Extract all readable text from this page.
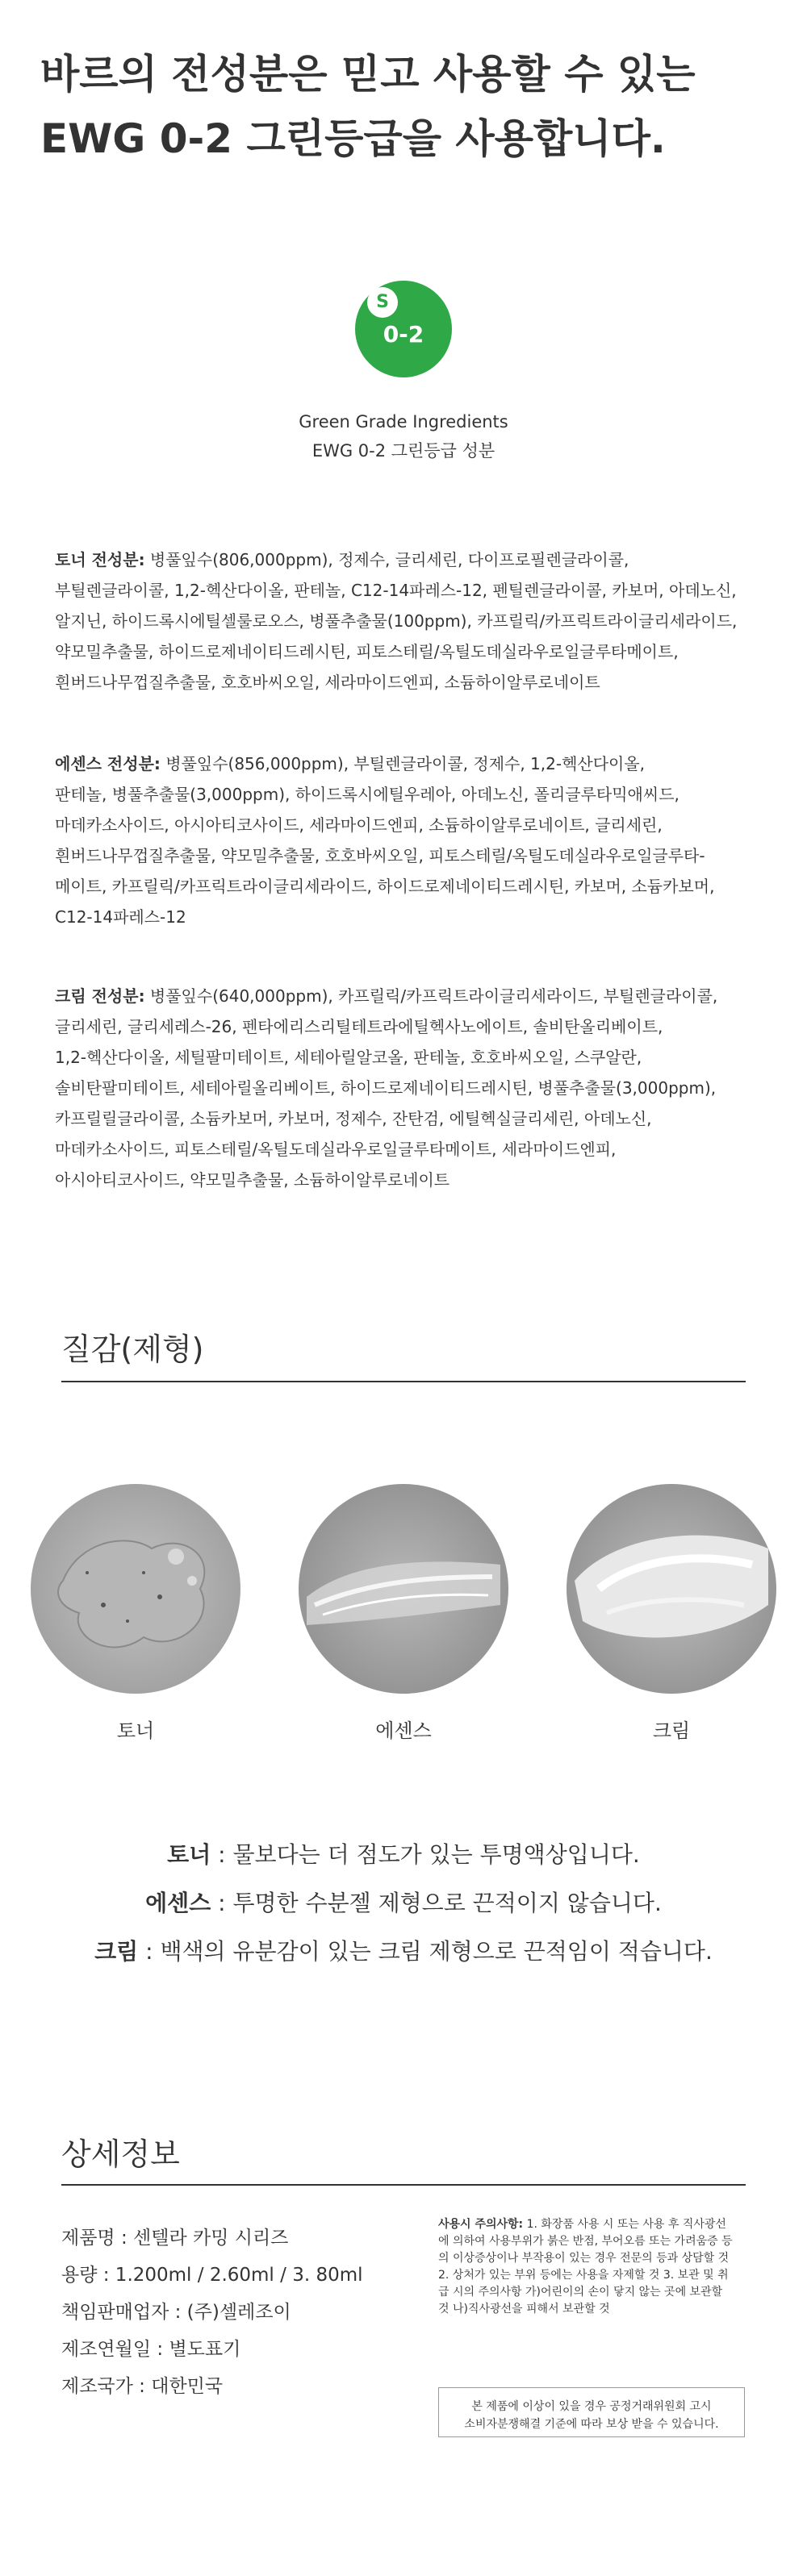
바르의 전성분은 믿고 사용할 수 있는
EWG 0-2 그린등급을 사용합니다.
S
0-2
Green Grade Ingredients
EWG 0-2 그린등급 성분
토너 전성분: 병풀잎수(806,000ppm), 정제수, 글리세린, 다이프로필렌글라이콜,
부틸렌글라이콜, 1,2-헥산다이올, 판테놀, C12-14파레스-12, 펜틸렌글라이콜, 카보머, 아데노신,
알지닌, 하이드록시에틸셀룰로오스, 병풀추출물(100ppm), 카프릴릭/카프릭트라이글리세라이드,
약모밀추출물, 하이드로제네이티드레시틴, 피토스테릴/옥틸도데실라우로일글루타메이트,
흰버드나무껍질추출물, 호호바씨오일, 세라마이드엔피, 소듐하이알루로네이트
에센스 전성분: 병풀잎수(856,000ppm), 부틸렌글라이콜, 정제수, 1,2-헥산다이올,
판테놀, 병풀추출물(3,000ppm), 하이드록시에틸우레아, 아데노신, 폴리글루타믹애씨드,
마데카소사이드, 아시아티코사이드, 세라마이드엔피, 소듐하이알루로네이트, 글리세린,
흰버드나무껍질추출물, 약모밀추출물, 호호바씨오일, 피토스테릴/옥틸도데실라우로일글루타-
메이트, 카프릴릭/카프릭트라이글리세라이드, 하이드로제네이티드레시틴, 카보머, 소듐카보머,
C12-14파레스-12
크림 전성분: 병풀잎수(640,000ppm), 카프릴릭/카프릭트라이글리세라이드, 부틸렌글라이콜,
글리세린, 글리세레스-26, 펜타에리스리틸테트라에틸헥사노에이트, 솔비탄올리베이트,
1,2-헥산다이올, 세틸팔미테이트, 세테아릴알코올, 판테놀, 호호바씨오일, 스쿠알란,
솔비탄팔미테이트, 세테아릴올리베이트, 하이드로제네이티드레시틴, 병풀추출물(3,000ppm),
카프릴릴글라이콜, 소듐카보머, 카보머, 정제수, 잔탄검, 에틸헥실글리세린, 아데노신,
마데카소사이드, 피토스테릴/옥틸도데실라우로일글루타메이트, 세라마이드엔피,
아시아티코사이드, 약모밀추출물, 소듐하이알루로네이트
질감(제형)
토너	에센스	크림
토너 : 물보다는 더 점도가 있는 투명액상입니다.
에센스 : 투명한 수분젤 제형으로 끈적이지 않습니다.
크림 : 백색의 유분감이 있는 크림 제형으로 끈적임이 적습니다.
상세정보
제품명 : 센텔라 카밍 시리즈
용량 : 1.200ml / 2.60ml / 3. 80ml
책임판매업자 : (주)셀레조이
제조연월일 : 별도표기
제조국가 : 대한민국
사용시 주의사항: 1. 화장품 사용 시 또는 사용 후 직사광선
에 의하여 사용부위가 붉은 반점, 부어오름 또는 가려움증 등
의 이상증상이나 부작용이 있는 경우 전문의 등과 상담할 것
2. 상처가 있는 부위 등에는 사용을 자제할 것 3. 보관 및 취
급 시의 주의사항 가)어린이의 손이 닿지 않는 곳에 보관할
것 나)직사광선을 피해서 보관할 것
본 제품에 이상이 있을 경우 공정거래위원회 고시
소비자분쟁해결 기준에 따라 보상 받을 수 있습니다.
